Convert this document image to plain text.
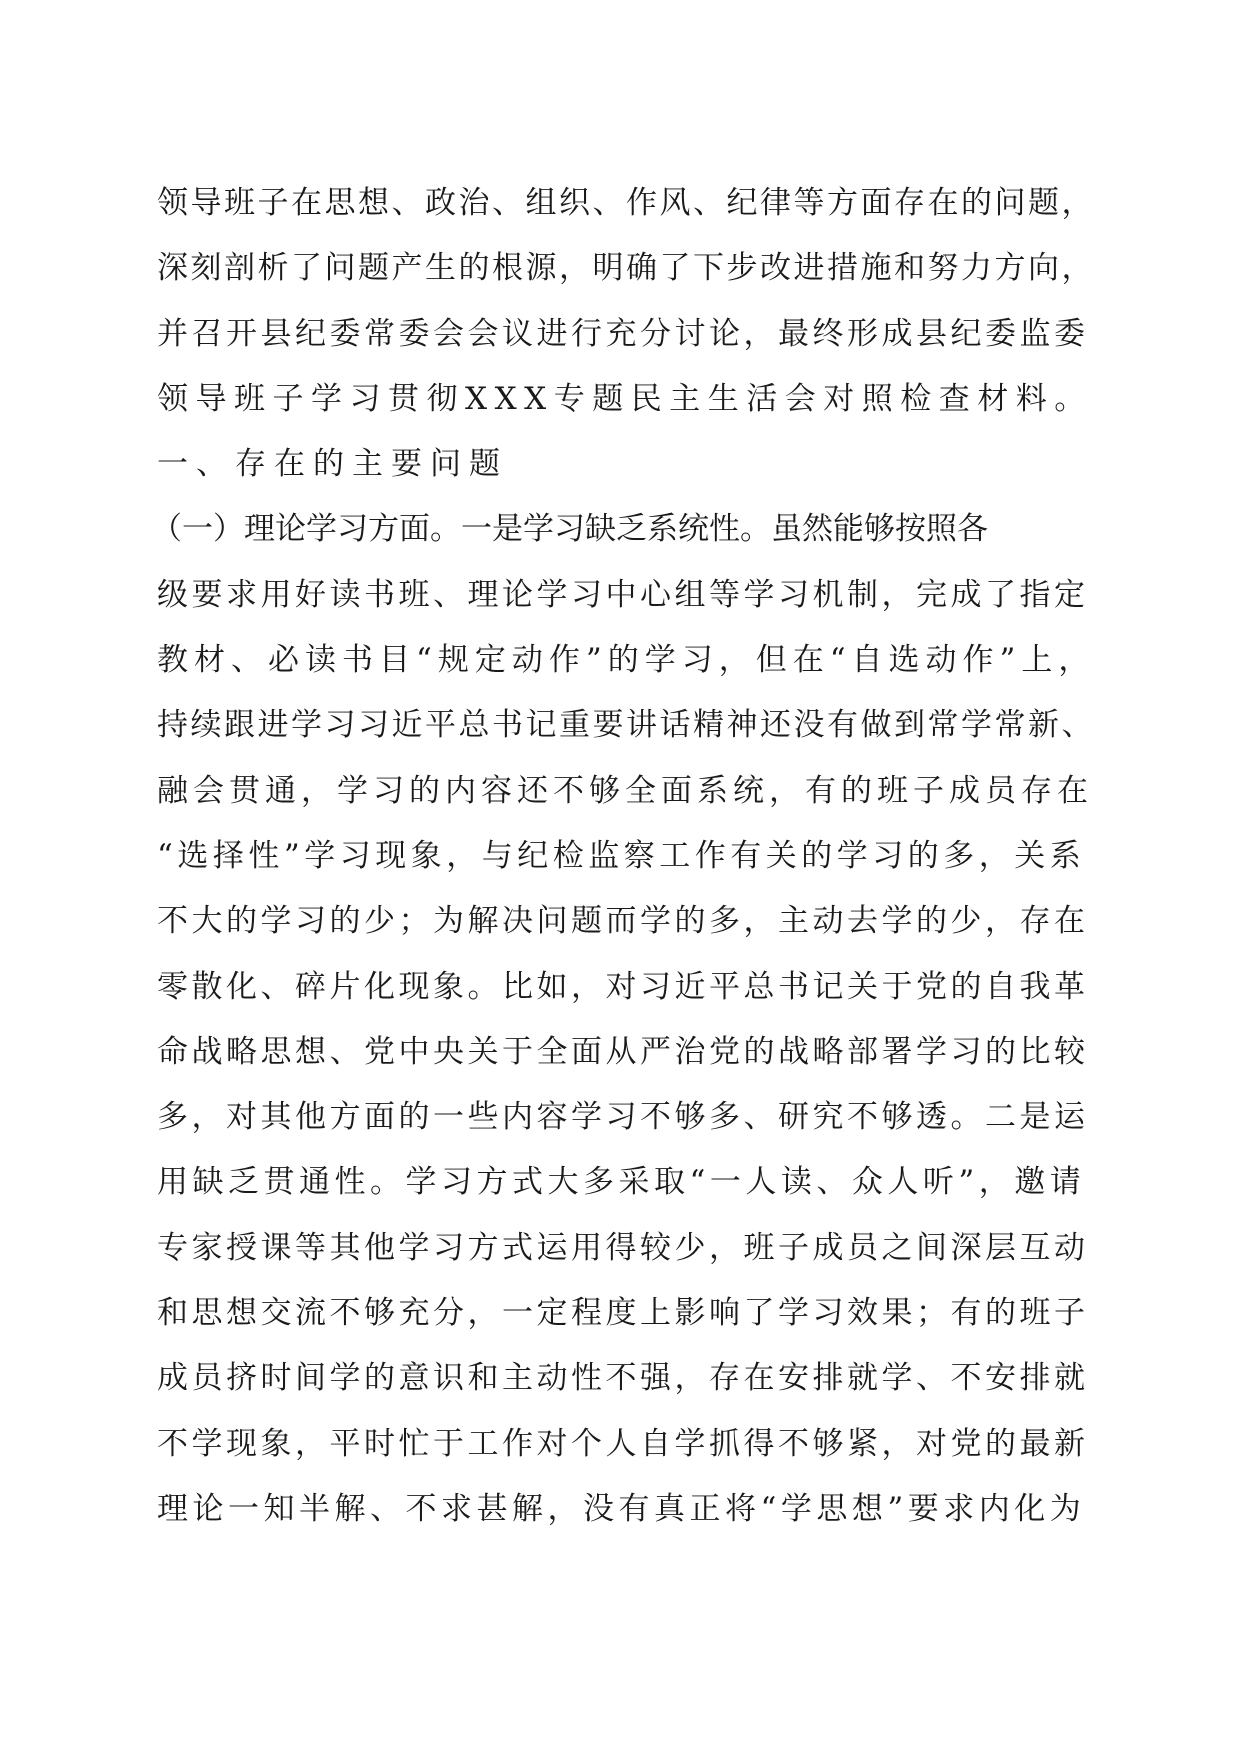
领导班子在思想、政治、组织、作风、纪律等方面存在的问题，
深刻剖析了问题产生的根源，明确了下步改进措施和努力方向，
并召开县纪委常委会会议进行充分讨论，最终形成县纪委监委
领导班子学习贯彻XXX专题民主生活会对照检查材料。
一、存在的主要问题
（一）理论学习方面。一是学习缺乏系统性。虽然能够按照各
级要求用好读书班、理论学习中心组等学习机制，完成了指定
教材、必读书目“规定动作”的学习，但在“自选动作”上，
持续跟进学习习近平总书记重要讲话精神还没有做到常学常新、
融会贯通，学习的内容还不够全面系统，有的班子成员存在
“选择性”学习现象，与纪检监察工作有关的学习的多，关系
不大的学习的少；为解决问题而学的多，主动去学的少，存在
零散化、碎片化现象。比如，对习近平总书记关于党的自我革
命战略思想、党中央关于全面从严治党的战略部署学习的比较
多，对其他方面的一些内容学习不够多、研究不够透。二是运
用缺乏贯通性。学习方式大多采取“一人读、众人听”，邀请
专家授课等其他学习方式运用得较少，班子成员之间深层互动
和思想交流不够充分，一定程度上影响了学习效果；有的班子
成员挤时间学的意识和主动性不强，存在安排就学、不安排就
不学现象，平时忙于工作对个人自学抓得不够紧，对党的最新
理论一知半解、不求甚解，没有真正将“学思想”要求内化为
